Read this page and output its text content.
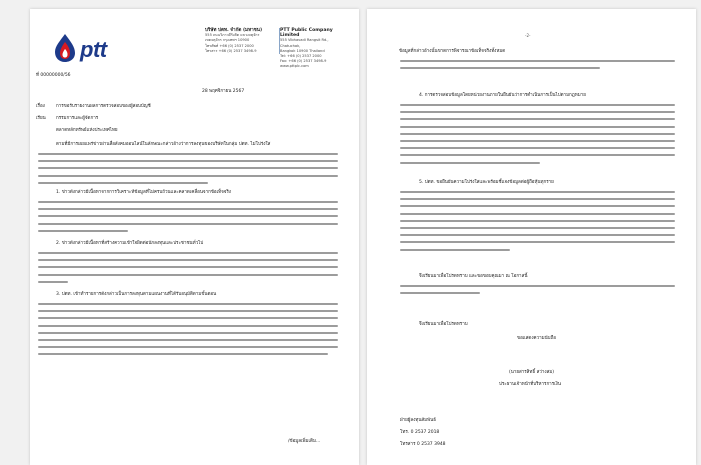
ptt
บริษัท ปตท. จำกัด (มหาชน)
555 ถนนวิภาวดีรังสิต แขวงจตุจักร
เขตจตุจักร กรุงเทพฯ 10900
โทรศัพท์ +66 (0) 2537 2000
โทรสาร +66 (0) 2537 3498-9
PTT Public Company Limited
555 Vibhavadi Rangsit Rd., Chatuchak,
Bangkok 10900 Thailand
Tel: +66 (0) 2537 2000
Fax: +66 (0) 2537 3498-9
www.pttplc.com
ที่ 00000000/56
28 พฤศจิกายน 2567
เรื่อง การขอรับรายงานผลการตรวจสอบของผู้สอบบัญชี
เรียน กรรมการและผู้จัดการ
ตลาดหลักทรัพย์แห่งประเทศไทย
ตามที่มีการเผยแพร่ข่าวผ่านสื่อสังคมออนไลน์ในลักษณะกล่าวอ้างว่าการลงทุนของบริษัทในกลุ่ม ปตท. ไม่โปร่งใส
1. ข่าวดังกล่าวมีเนื้อหาจากการวิเคราะห์ข้อมูลที่ไม่ครบถ้วนและคลาดเคลื่อนจากข้อเท็จจริง
2. ข่าวดังกล่าวมีเนื้อหาที่สร้างความเข้าใจผิดต่อนักลงทุนและประชาชนทั่วไป
3. ปตท. เข้าทำรายการดังกล่าวเป็นการลงทุนตามแผนงานที่ได้รับอนุมัติตามขั้นตอน
/ข้อมูลเพิ่มเติม...
-2-
ข้อมูลที่กล่าวอ้างนั้นขาดการพิจารณาข้อเท็จจริงทั้งหมด
4. การตรวจสอบข้อมูลโดยหน่วยงานภายในยืนยันว่าการดำเนินการเป็นไปตามกฎหมาย
5. ปตท. ขอยืนยันความโปร่งใสและพร้อมชี้แจงข้อมูลต่อผู้ถือหุ้นทุกราย
จึงเรียนมาเพื่อโปรดทราบ และขอขอบคุณมา ณ โอกาสนี้
จึงเรียนมาเพื่อโปรดทราบ
ขอแสดงความนับถือ
(นายสารสิทธิ์ สว่างสม)
ประธานเจ้าหน้าที่บริหารการเงิน
ฝ่ายผู้ลงทุนสัมพันธ์
โทร. 0 2537 2018
โทรสาร 0 2537 3948
